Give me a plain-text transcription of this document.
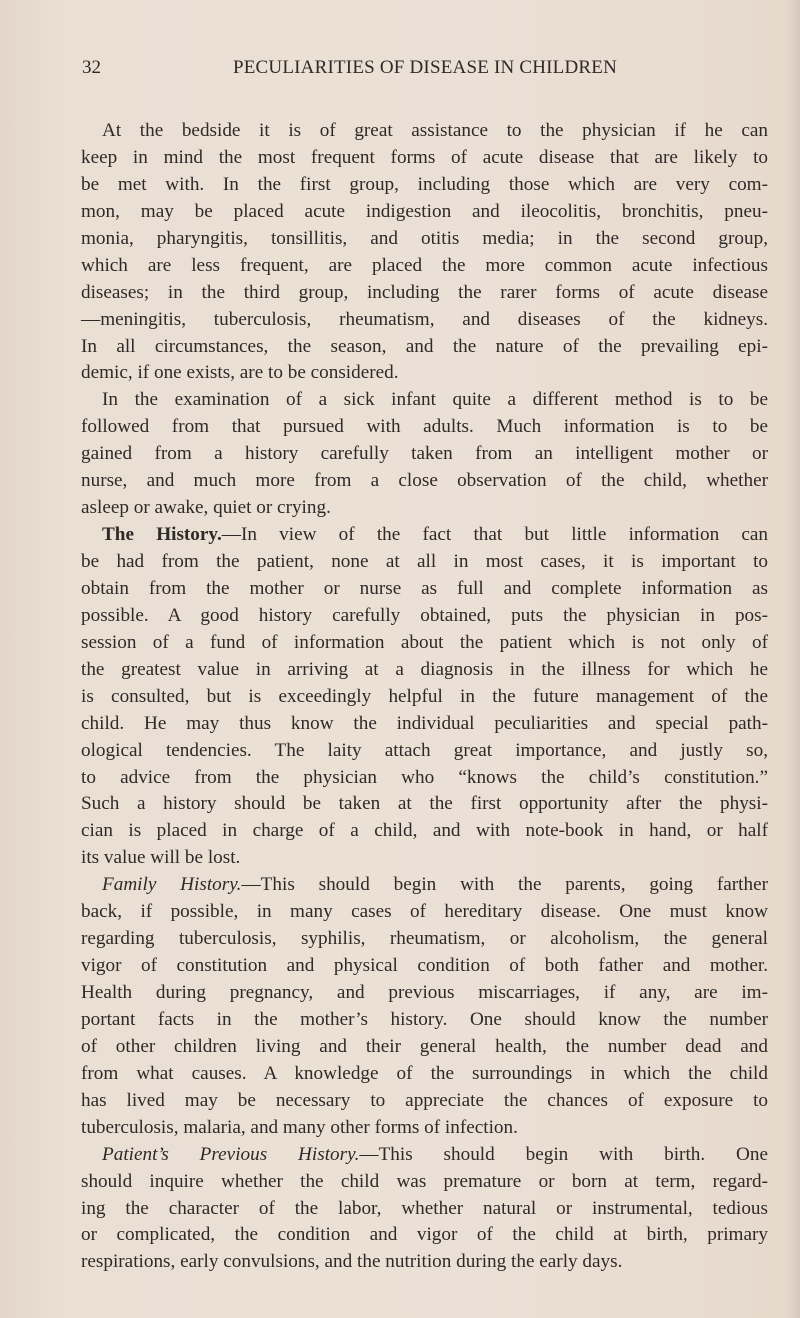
32	PECULIARITIES OF DISEASE IN CHILDREN
At the bedside it is of great assistance to the physician if he can
keep in mind the most frequent forms of acute disease that are likely to
be met with. In the first group, including those which are very com-
mon, may be placed acute indigestion and ileocolitis, bronchitis, pneu-
monia, pharyngitis, tonsillitis, and otitis media; in the second group,
which are less frequent, are placed the more common acute infectious
diseases; in the third group, including the rarer forms of acute disease
—meningitis, tuberculosis, rheumatism, and diseases of the kidneys.
In all circumstances, the season, and the nature of the prevailing epi-
demic, if one exists, are to be considered.
In the examination of a sick infant quite a different method is to be
followed from that pursued with adults. Much information is to be
gained from a history carefully taken from an intelligent mother or
nurse, and much more from a close observation of the child, whether
asleep or awake, quiet or crying.
The History.—In view of the fact that but little information can
be had from the patient, none at all in most cases, it is important to
obtain from the mother or nurse as full and complete information as
possible. A good history carefully obtained, puts the physician in pos-
session of a fund of information about the patient which is not only of
the greatest value in arriving at a diagnosis in the illness for which he
is consulted, but is exceedingly helpful in the future management of the
child. He may thus know the individual peculiarities and special path-
ological tendencies. The laity attach great importance, and justly so,
to advice from the physician who “knows the child’s constitution.”
Such a history should be taken at the first opportunity after the physi-
cian is placed in charge of a child, and with note-book in hand, or half
its value will be lost.
Family History.—This should begin with the parents, going farther
back, if possible, in many cases of hereditary disease. One must know
regarding tuberculosis, syphilis, rheumatism, or alcoholism, the general
vigor of constitution and physical condition of both father and mother.
Health during pregnancy, and previous miscarriages, if any, are im-
portant facts in the mother’s history. One should know the number
of other children living and their general health, the number dead and
from what causes. A knowledge of the surroundings in which the child
has lived may be necessary to appreciate the chances of exposure to
tuberculosis, malaria, and many other forms of infection.
Patient’s Previous History.—This should begin with birth. One
should inquire whether the child was premature or born at term, regard-
ing the character of the labor, whether natural or instrumental, tedious
or complicated, the condition and vigor of the child at birth, primary
respirations, early convulsions, and the nutrition during the early days.
